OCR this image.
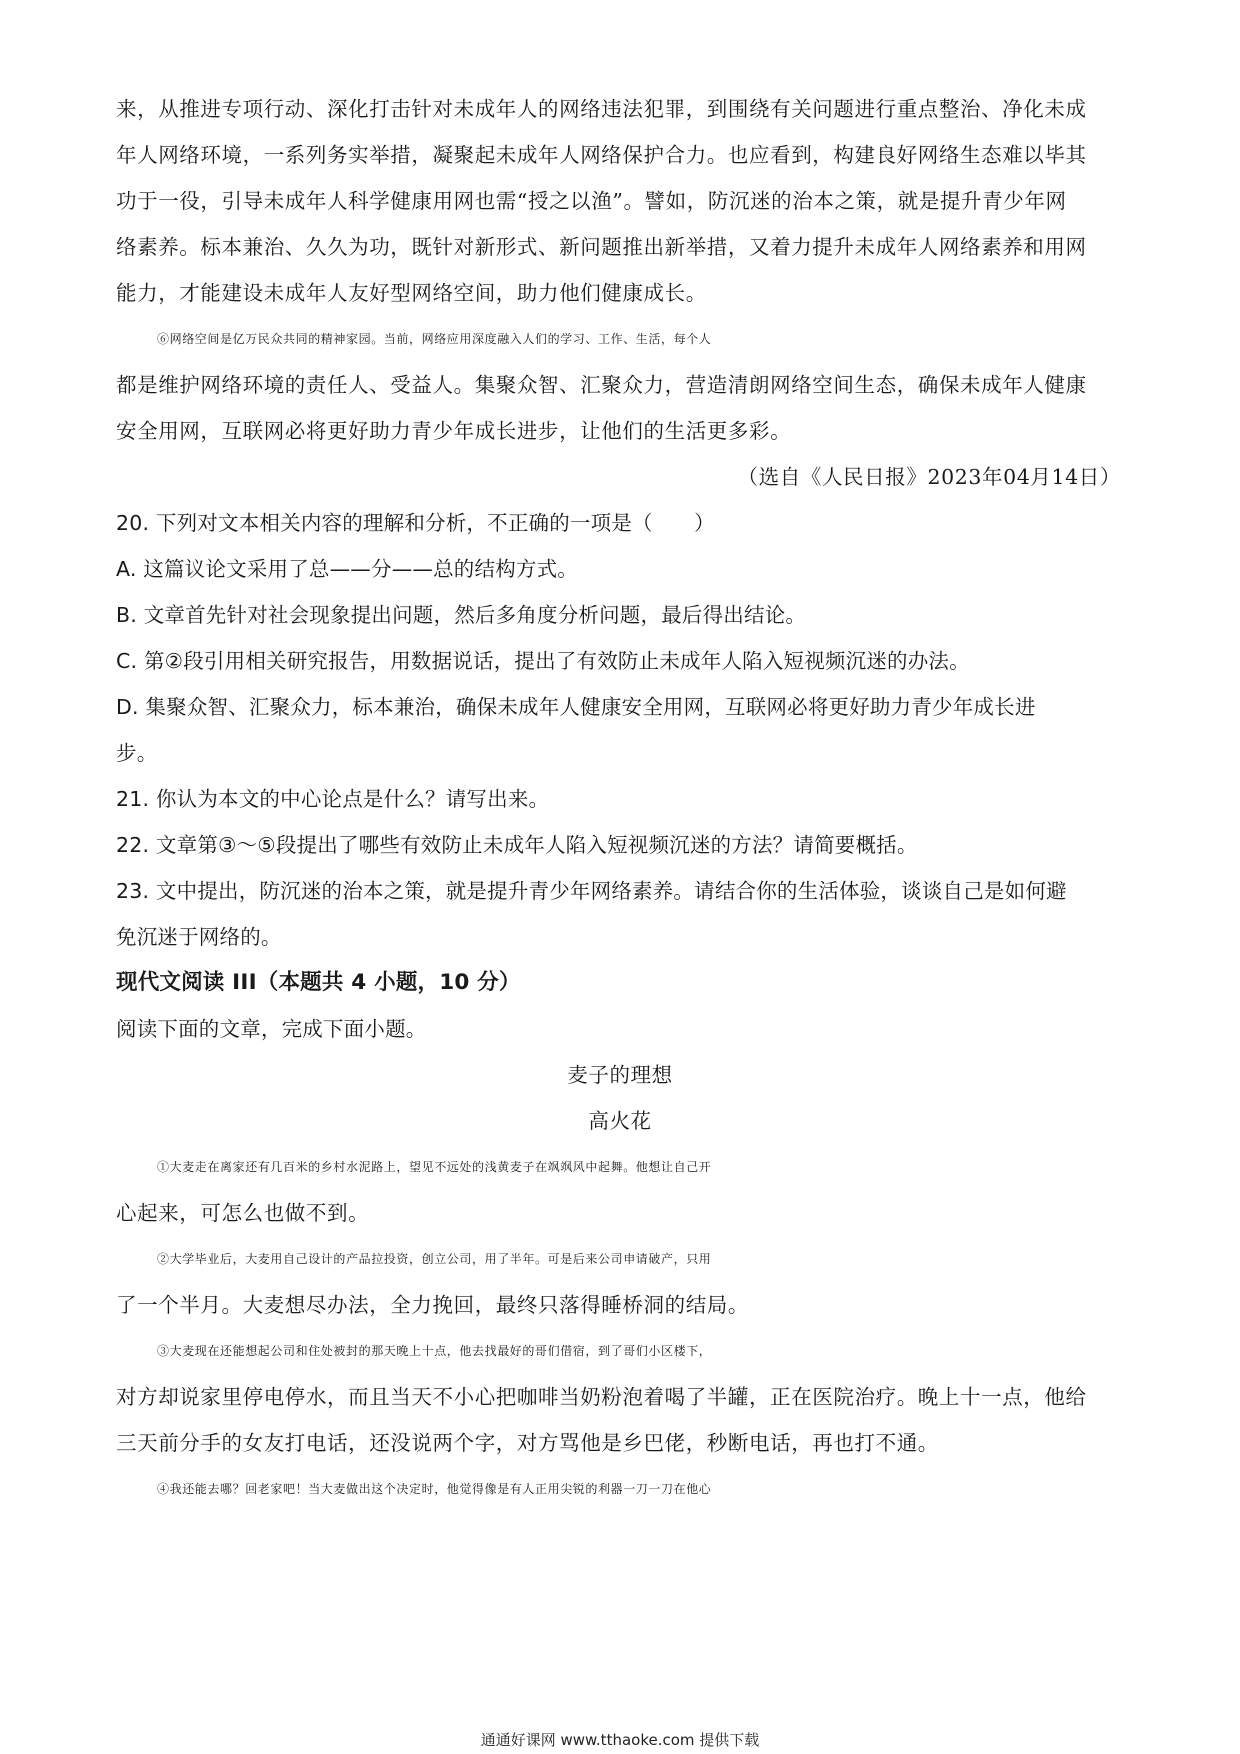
来，从推进专项行动、深化打击针对未成年人的网络违法犯罪，到围绕有关问题进行重点整治、净化未成
年人网络环境，一系列务实举措，凝聚起未成年人网络保护合力。也应看到，构建良好网络生态难以毕其
功于一役，引导未成年人科学健康用网也需“授之以渔”。譬如，防沉迷的治本之策，就是提升青少年网
络素养。标本兼治、久久为功，既针对新形式、新问题推出新举措，又着力提升未成年人网络素养和用网
能力，才能建设未成年人友好型网络空间，助力他们健康成长。
⑥网络空间是亿万民众共同的精神家园。当前，网络应用深度融入人们的学习、工作、生活，每个人
都是维护网络环境的责任人、受益人。集聚众智、汇聚众力，营造清朗网络空间生态，确保未成年人健康
安全用网，互联网必将更好助力青少年成长进步，让他们的生活更多彩。
（选自《人民日报》2023年04月14日）
20. 下列对文本相关内容的理解和分析，不正确的一项是（　　）
A. 这篇议论文采用了总——分——总的结构方式。
B. 文章首先针对社会现象提出问题，然后多角度分析问题，最后得出结论。
C. 第②段引用相关研究报告，用数据说话，提出了有效防止未成年人陷入短视频沉迷的办法。
D. 集聚众智、汇聚众力，标本兼治，确保未成年人健康安全用网，互联网必将更好助力青少年成长进
步。
21. 你认为本文的中心论点是什么？请写出来。
22. 文章第③～⑤段提出了哪些有效防止未成年人陷入短视频沉迷的方法？请简要概括。
23. 文中提出，防沉迷的治本之策，就是提升青少年网络素养。请结合你的生活体验，谈谈自己是如何避
免沉迷于网络的。
现代文阅读 III（本题共 4 小题，10 分）
阅读下面的文章，完成下面小题。
麦子的理想
高火花
①大麦走在离家还有几百米的乡村水泥路上，望见不远处的浅黄麦子在飒飒风中起舞。他想让自己开
心起来，可怎么也做不到。
②大学毕业后，大麦用自己设计的产品拉投资，创立公司，用了半年。可是后来公司申请破产，只用
了一个半月。大麦想尽办法，全力挽回，最终只落得睡桥洞的结局。
③大麦现在还能想起公司和住处被封的那天晚上十点，他去找最好的哥们借宿，到了哥们小区楼下，
对方却说家里停电停水，而且当天不小心把咖啡当奶粉泡着喝了半罐，正在医院治疗。晚上十一点，他给
三天前分手的女友打电话，还没说两个字，对方骂他是乡巴佬，秒断电话，再也打不通。
④我还能去哪？回老家吧！当大麦做出这个决定时，他觉得像是有人正用尖锐的利器一刀一刀在他心
通通好课网 www.tthaoke.com 提供下载
